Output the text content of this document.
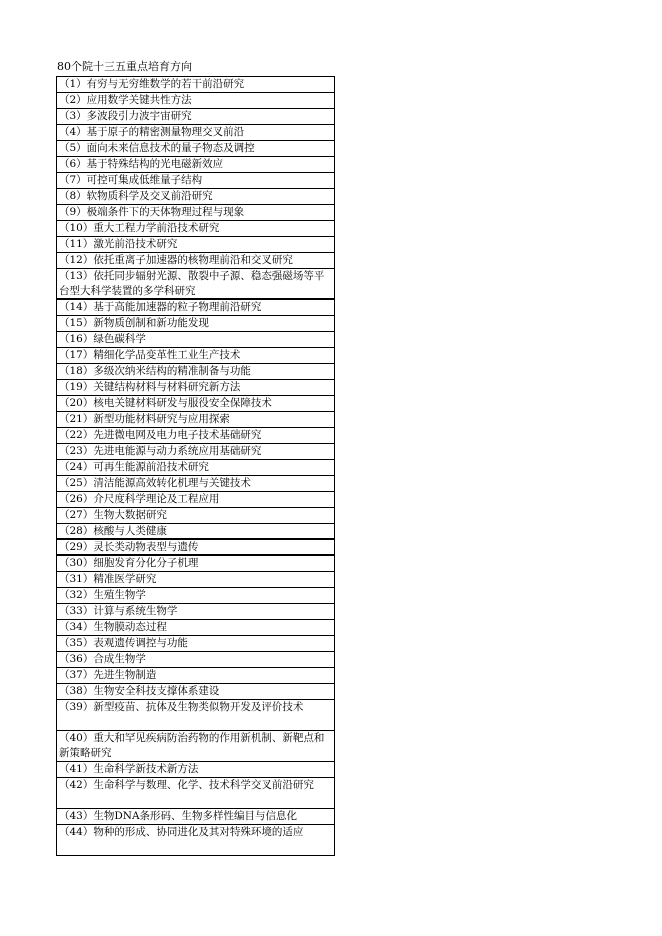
80个院十三五重点培育方向
（1）有穷与无穷维数学的若干前沿研究
（2）应用数学关键共性方法
（3）多波段引力波宇宙研究
（4）基于原子的精密测量物理交叉前沿
（5）面向未来信息技术的量子物态及调控
（6）基于特殊结构的光电磁新效应
（7）可控可集成低维量子结构
（8）软物质科学及交叉前沿研究
（9）极端条件下的天体物理过程与现象
（10）重大工程力学前沿技术研究
（11）激光前沿技术研究
（12）依托重离子加速器的核物理前沿和交叉研究
（13）依托同步辐射光源、散裂中子源、稳态强磁场等平台型大科学装置的多学科研究
（14）基于高能加速器的粒子物理前沿研究
（15）新物质创制和新功能发现
（16）绿色碳科学
（17）精细化学品变革性工业生产技术
（18）多级次纳米结构的精准制备与功能
（19）关键结构材料与材料研究新方法
（20）核电关键材料研发与服役安全保障技术
（21）新型功能材料研究与应用探索
（22）先进微电网及电力电子技术基础研究
（23）先进电能源与动力系统应用基础研究
（24）可再生能源前沿技术研究
（25）清洁能源高效转化机理与关键技术
（26）介尺度科学理论及工程应用
（27）生物大数据研究
（28）核酸与人类健康
（29）灵长类动物表型与遗传
（30）细胞发育分化分子机理
（31）精准医学研究
（32）生殖生物学
（33）计算与系统生物学
（34）生物膜动态过程
（35）表观遗传调控与功能
（36）合成生物学
（37）先进生物制造
（38）生物安全科技支撑体系建设
（39）新型疫苗、抗体及生物类似物开发及评价技术
（40）重大和罕见疾病防治药物的作用新机制、新靶点和新策略研究
（41）生命科学新技术新方法
（42）生命科学与数理、化学、技术科学交叉前沿研究
（43）生物DNA条形码、生物多样性编目与信息化
（44）物种的形成、协同进化及其对特殊环境的适应
